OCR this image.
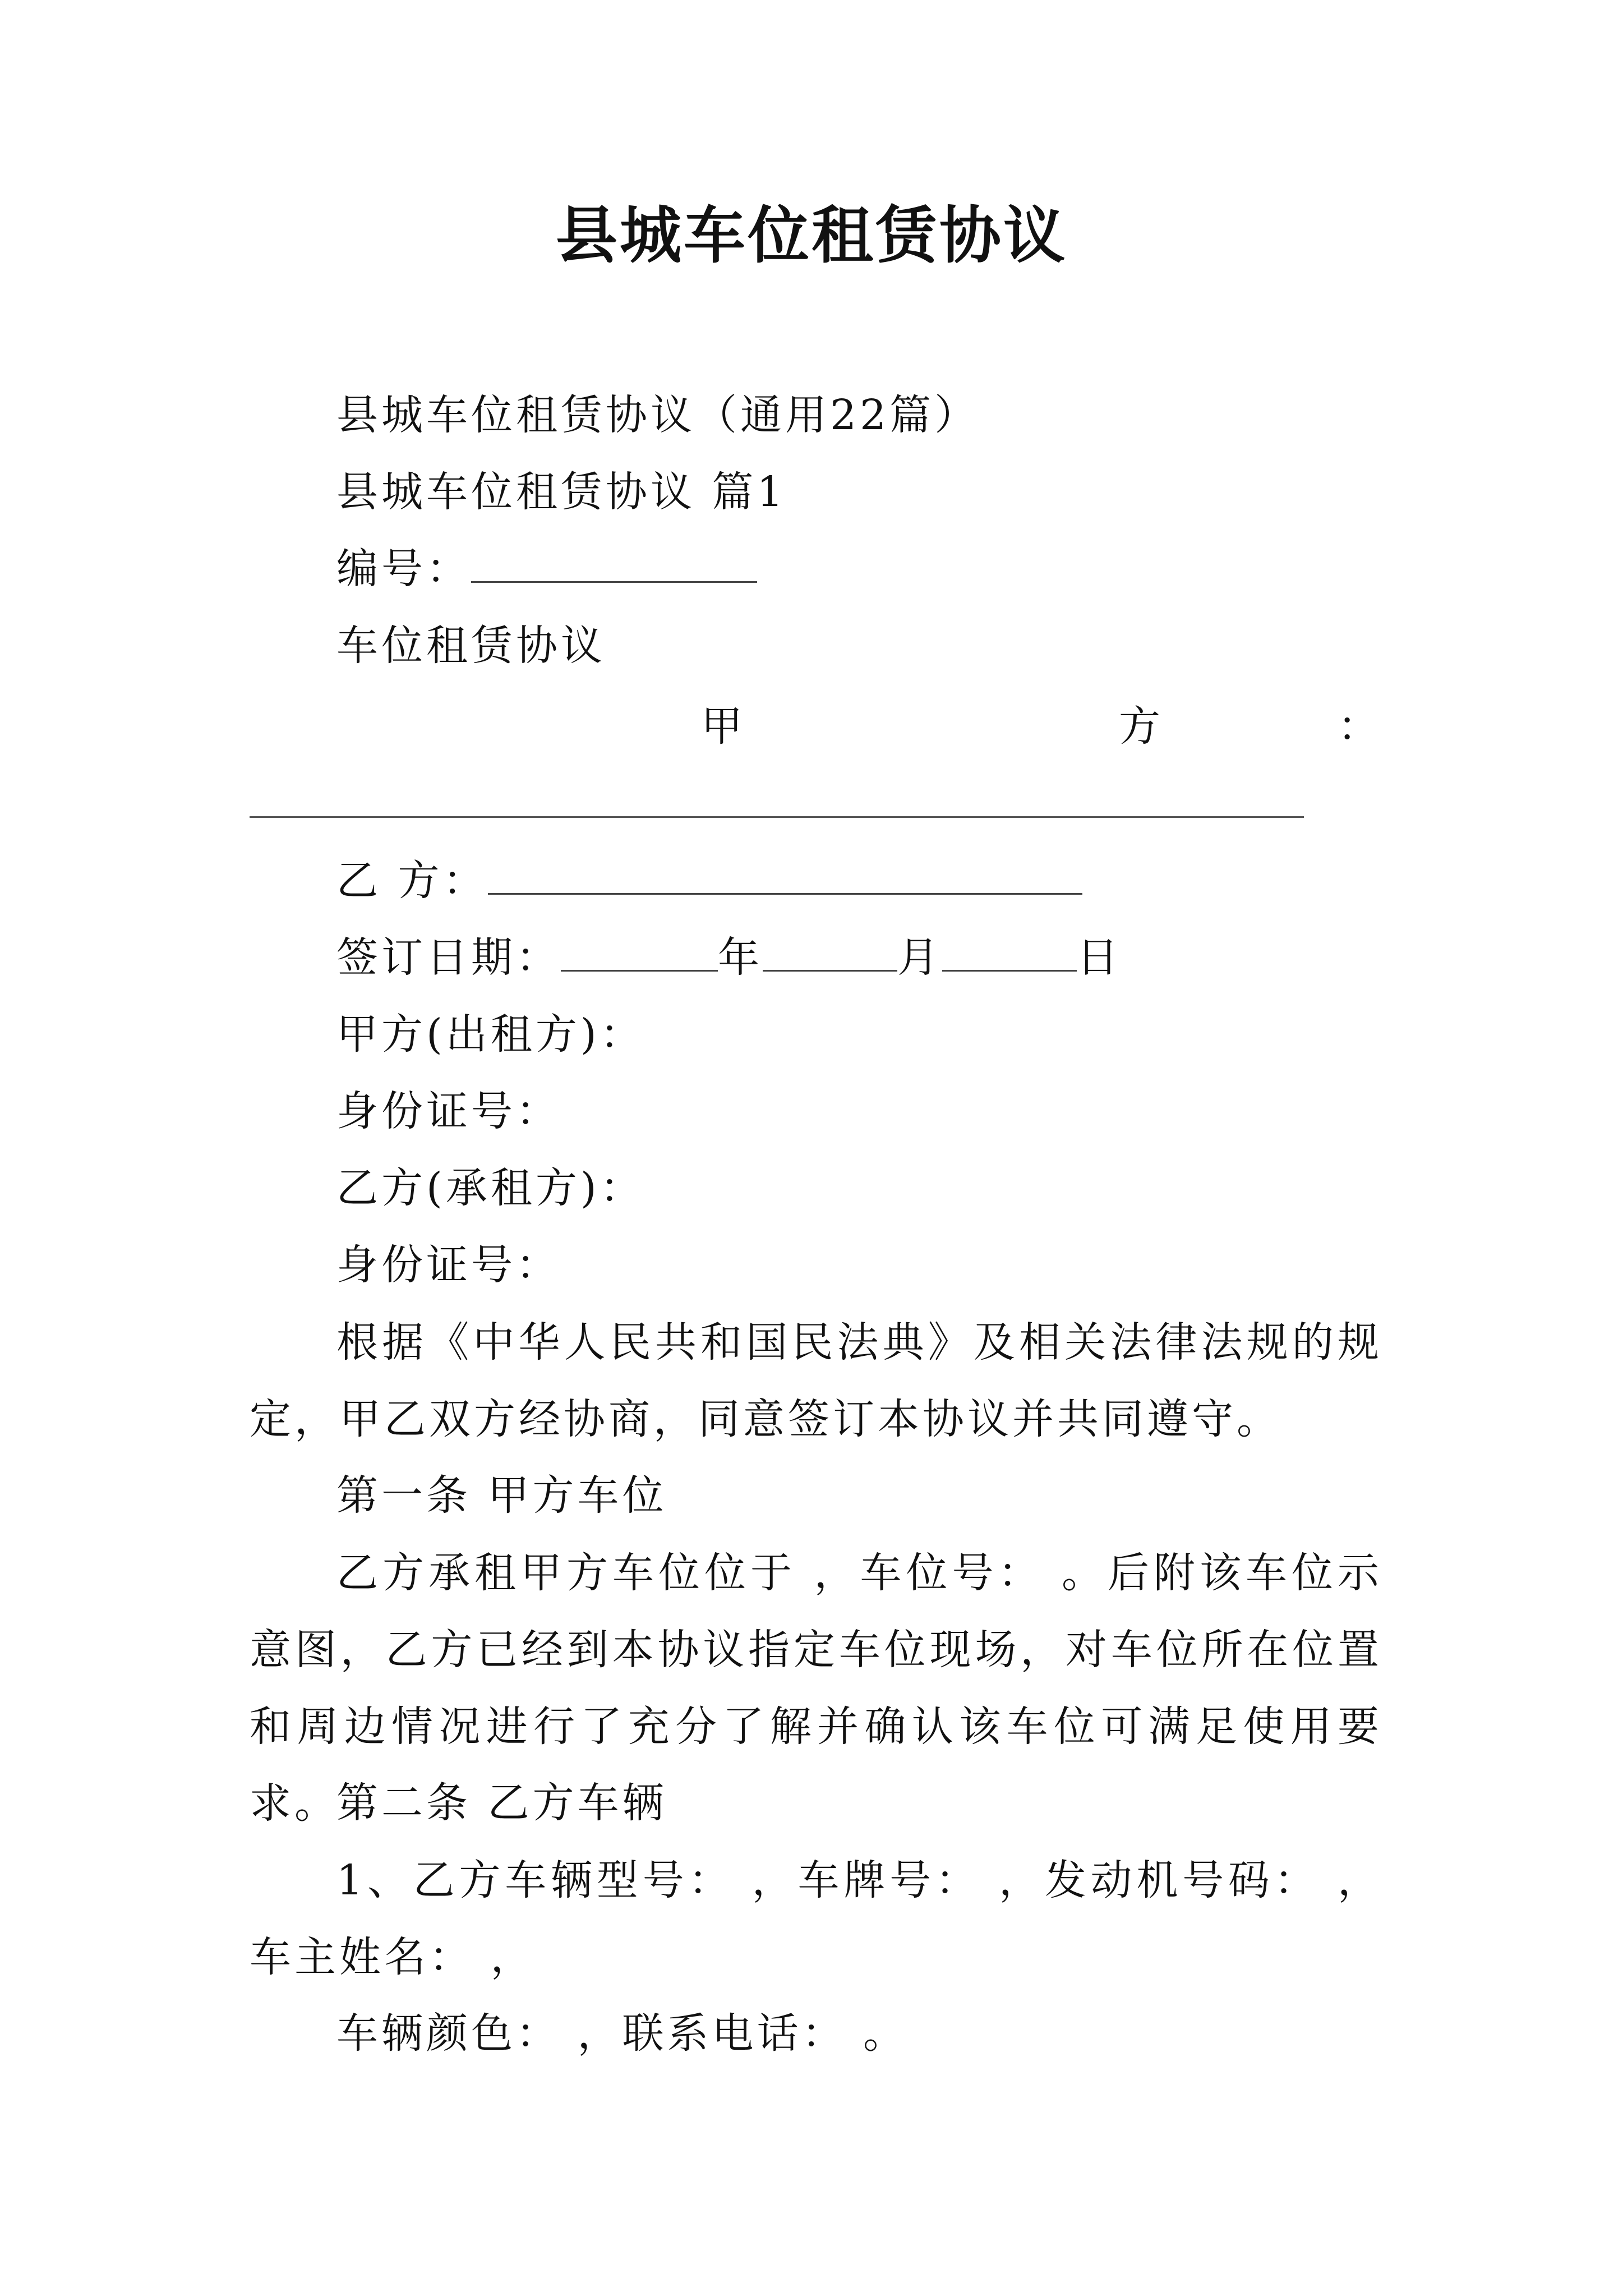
县城车位租赁协议
县城车位租赁协议（通用22篇）
县城车位租赁协议 篇1
编号：
车位租赁协议
甲	方	：
乙 方：
签订日期：	年	月	日
甲方(出租方)：
身份证号：
乙方(承租方)：
身份证号：
根据《中华人民共和国民法典》及相关法律法规的规定，甲乙双方经协商，同意签订本协议并共同遵守。
第一条 甲方车位
乙方承租甲方车位位于 ，车位号： 。后附该车位示意图，乙方已经到本协议指定车位现场，对车位所在位置和周边情况进行了充分了解并确认该车位可满足使用要求。
第二条 乙方车辆
1、乙方车辆型号： ，车牌号： ，发动机号码： ，车主姓名： ，
车辆颜色： ，联系电话： 。
